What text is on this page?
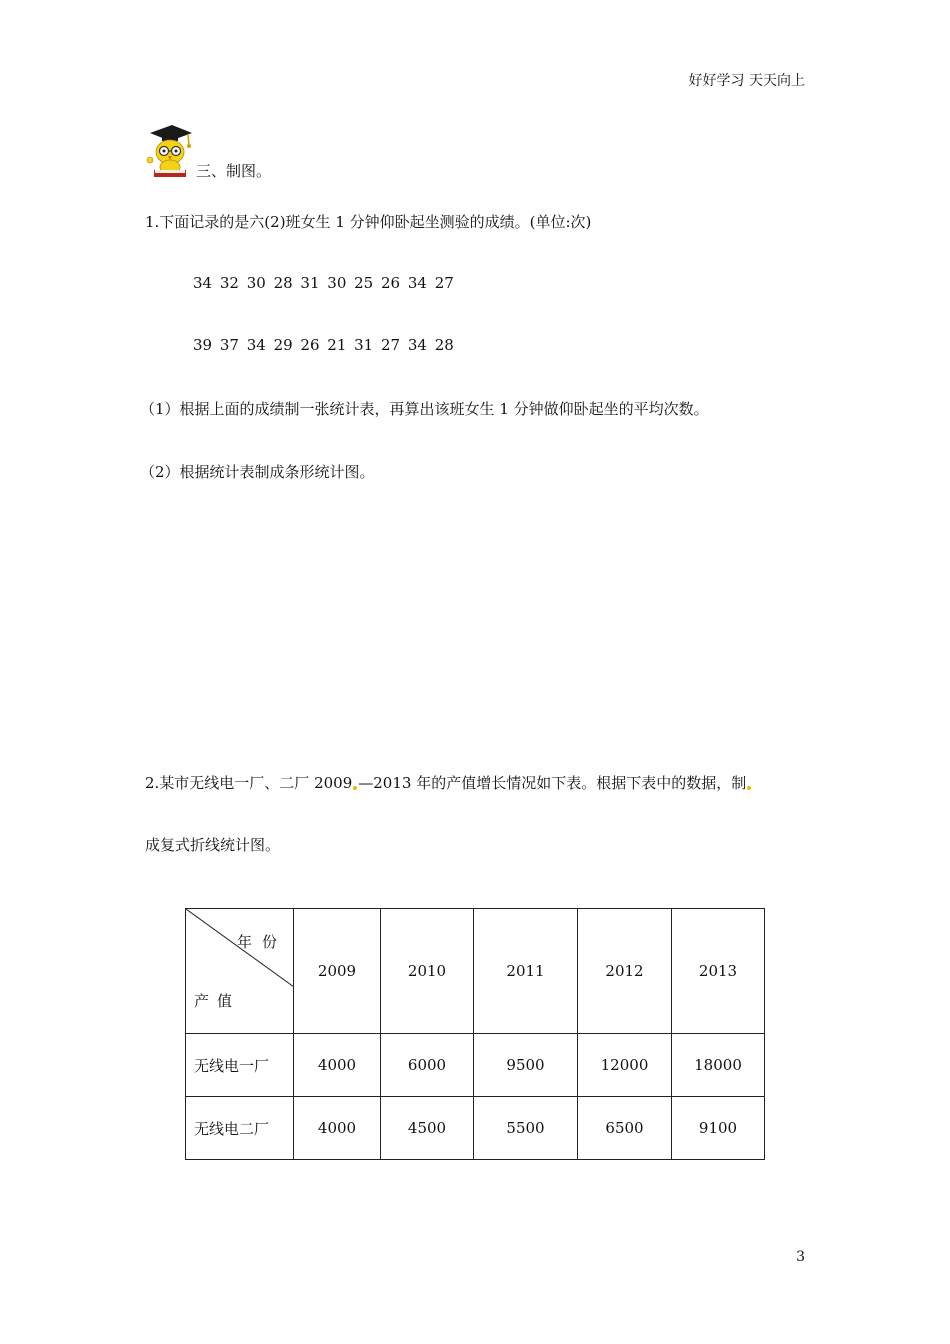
好好学习 天天向上
三、制图。
1.下面记录的是六(2)班女生 1 分钟仰卧起坐测验的成绩。(单位:次)
34 32 30 28 31 30 25 26 34 27
39 37 34 29 26 21 31 27 34 28
（1）根据上面的成绩制一张统计表，再算出该班女生 1 分钟做仰卧起坐的平均次数。
（2）根据统计表制成条形统计图。
2.某市无线电一厂、二厂 2009 —2013 年的产值增长情况如下表。根据下表中的数据，制
成复式折线统计图。
年份
产值	2009	2010	2011	2012	2013
无线电一厂	4000	6000	9500	12000	18000
无线电二厂	4000	4500	5500	6500	9100
3
